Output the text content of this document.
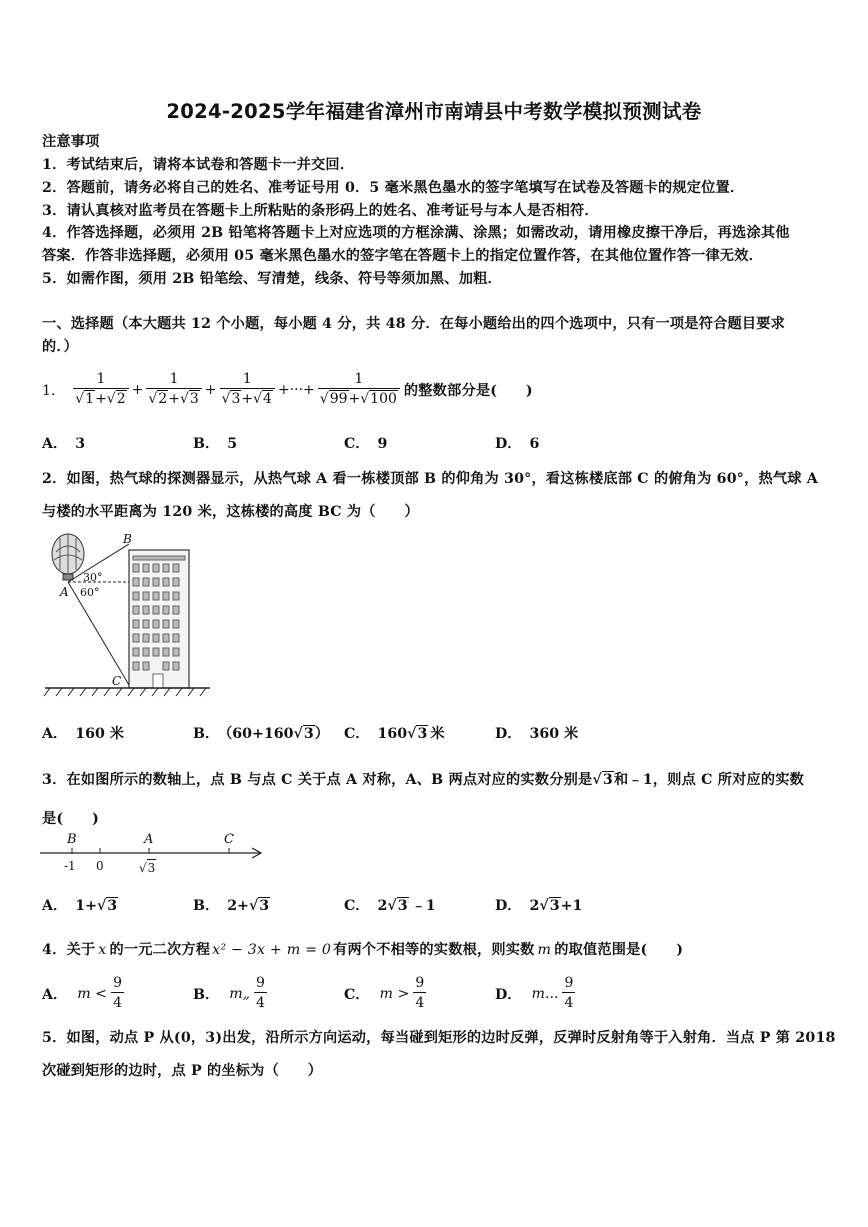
2024-2025学年福建省漳州市南靖县中考数学模拟预测试卷
注意事项
1．考试结束后，请将本试卷和答题卡一并交回．
2．答题前，请务必将自己的姓名、准考证号用 0．5 毫米黑色墨水的签字笔填写在试卷及答题卡的规定位置．
3．请认真核对监考员在答题卡上所粘贴的条形码上的姓名、准考证号与本人是否相符．
4．作答选择题，必须用 2B 铅笔将答题卡上对应选项的方框涂满、涂黑；如需改动，请用橡皮擦干净后，再选涂其他
答案．作答非选择题，必须用 05 毫米黑色墨水的签字笔在答题卡上的指定位置作答，在其他位置作答一律无效．
5．如需作图，须用 2B 铅笔绘、写清楚，线条、符号等须加黑、加粗．
一、选择题（本大题共 12 个小题，每小题 4 分，共 48 分．在每小题给出的四个选项中，只有一项是符合题目要求
的．）
1． $\frac{1}{√1+√2} + \frac{1}{√2+√3} + \frac{1}{√3+√4}$ +···+ $\frac{1}{√99+√100}$ 的整数部分是(　　)
A． 3	B． 5	C． 9	D． 6
2．如图，热气球的探测器显示，从热气球 A 看一栋楼顶部 B 的仰角为 30°，看这栋楼底部 C 的俯角为 60°，热气球 A
与楼的水平距离为 120 米，这栋楼的高度 BC 为（　　）
B
A
C
30°
60°
A． 160 米	B． （60+160√3） C． 160√3 米	D． 360 米
3．在如图所示的数轴上，点 B 与点 C 关于点 A 对称，A、B 两点对应的实数分别是√3和﹣1，则点 C 所对应的实数
是(　　)
B	A	C
-1 0	√3
A． 1+√3	B． 2+√3	C． 2√3 ﹣1	D． 2√3+1
4．关于 x 的一元二次方程 x² − 3x + m = 0 有两个不相等的实数根，则实数 m 的取值范围是(　　)
A． $m < \frac{9}{4}$	B． m„ $\frac{9}{4}$	C． $m > \frac{9}{4}$	D． m... $\frac{9}{4}$
5．如图，动点 P 从(0，3)出发，沿所示方向运动，每当碰到矩形的边时反弹，反弹时反射角等于入射角．当点 P 第 2018
次碰到矩形的边时，点 P 的坐标为（　　）
